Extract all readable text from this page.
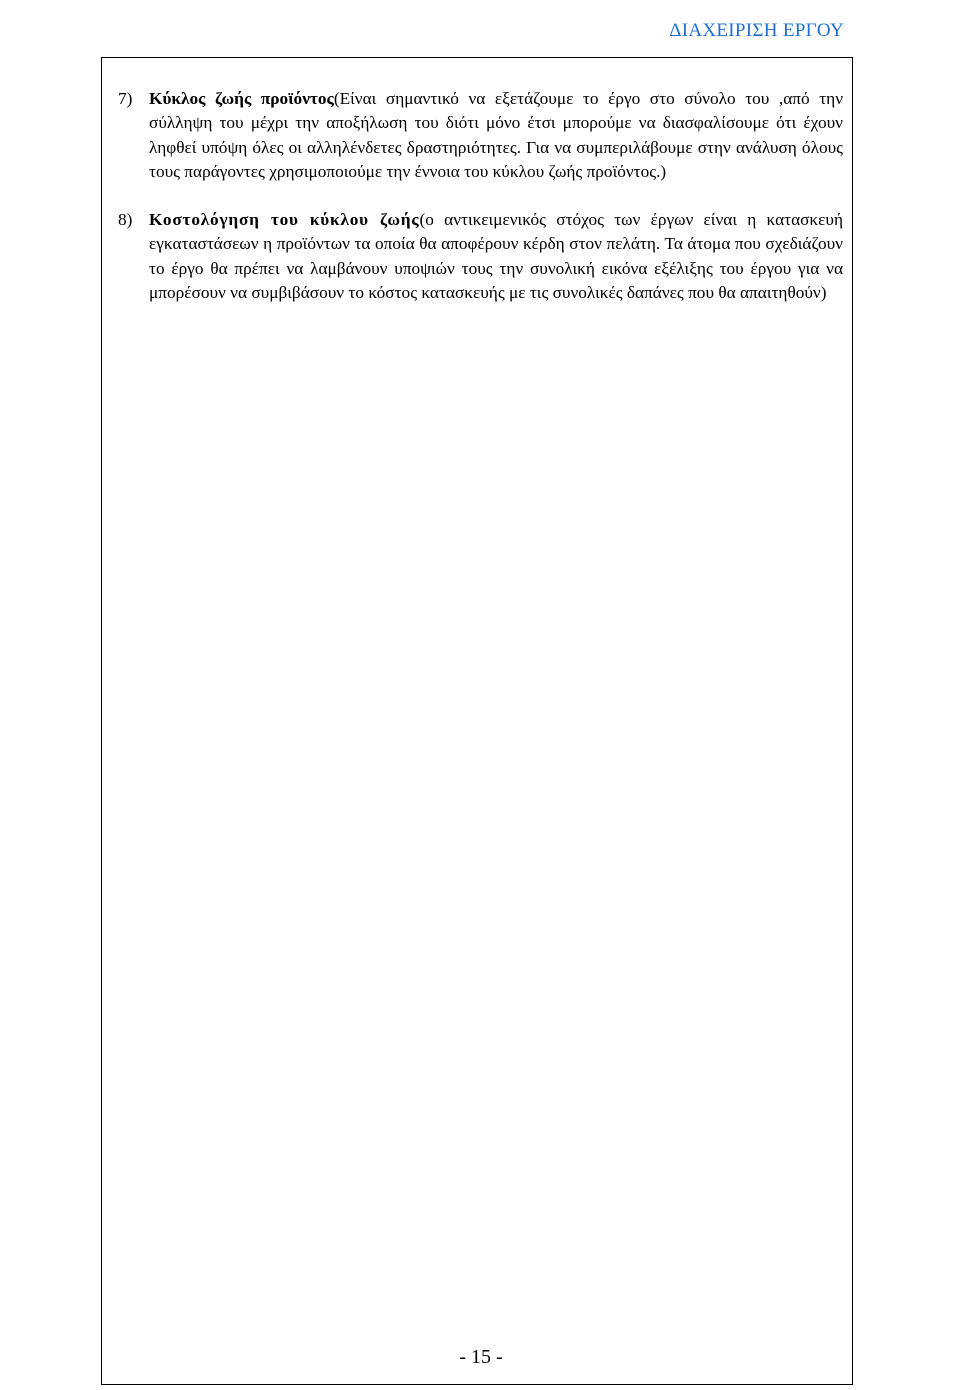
ΔΙΑΧΕΙΡΙΣΗ ΕΡΓΟΥ
7) Κύκλος ζωής προϊόντος(Είναι σημαντικό να εξετάζουμε το έργο στο σύνολο του ,από την σύλληψη του μέχρι την αποξήλωση του διότι μόνο έτσι μπορούμε να διασφαλίσουμε ότι έχουν ληφθεί υπόψη όλες οι αλληλένδετες δραστηριότητες. Για να συμπεριλάβουμε στην ανάλυση όλους τους παράγοντες χρησιμοποιούμε την έννοια του κύκλου ζωής προϊόντος.)
8) Κοστολόγηση του κύκλου ζωής(ο αντικειμενικός στόχος των έργων είναι η κατασκευή εγκαταστάσεων η προϊόντων τα οποία θα αποφέρουν κέρδη στον πελάτη. Τα άτομα που σχεδιάζουν το έργο θα πρέπει να λαμβάνουν υποψιών τους την συνολική εικόνα εξέλιξης του έργου για να μπορέσουν να συμβιβάσουν το κόστος κατασκευής με τις συνολικές δαπάνες που θα απαιτηθούν)
- 15 -
